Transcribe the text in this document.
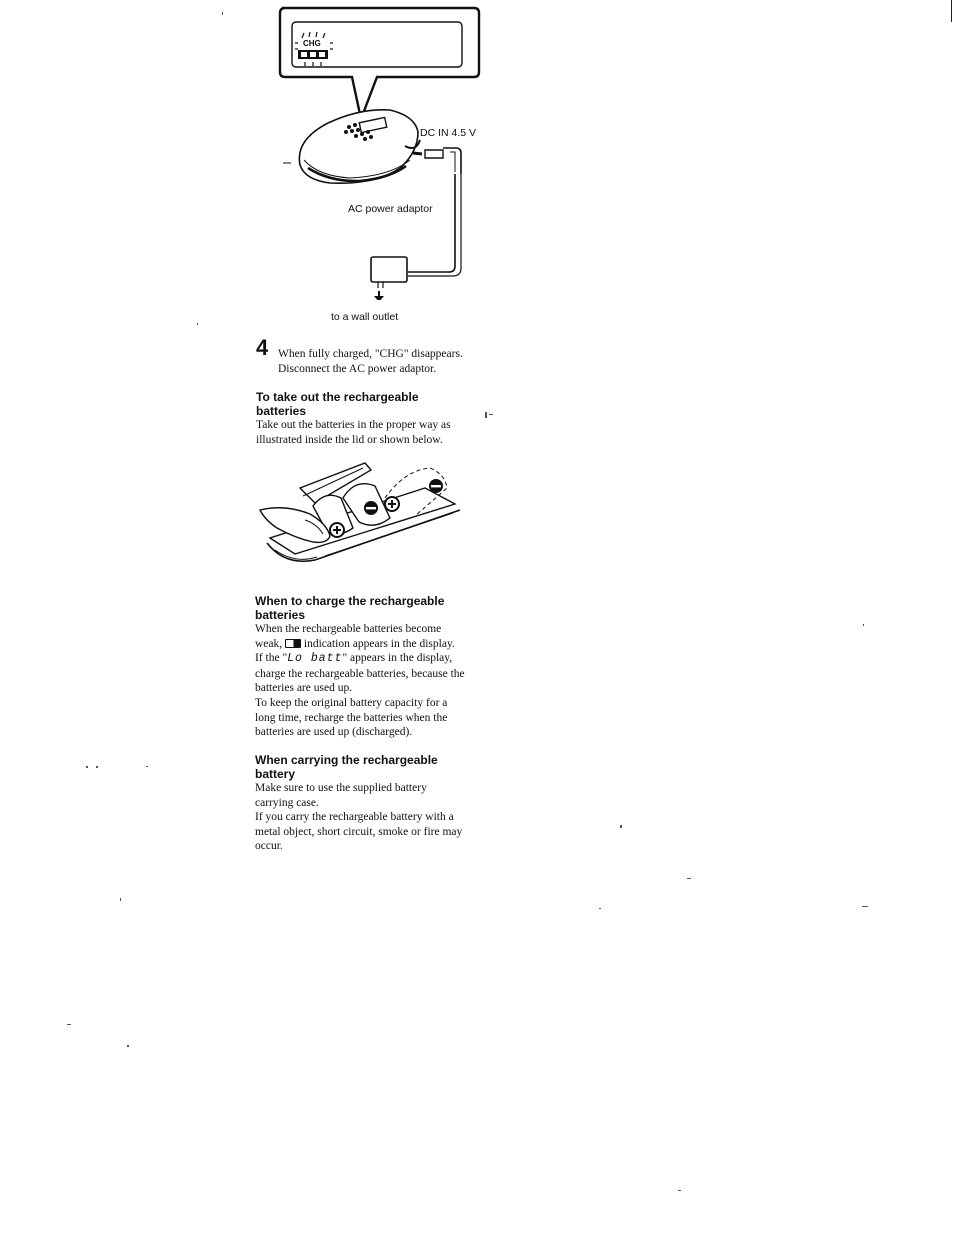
CHG
DC IN 4.5 V
AC power adaptor
to a wall outlet
4 When fully charged, "CHG" disappears.
Disconnect the AC power adaptor.
To take out the rechargeable
batteries
Take out the batteries in the proper way as
illustrated inside the lid or shown below.
When to charge the rechargeable
batteries
When the rechargeable batteries become
weak, indication appears in the display.
If the "Lo batt" appears in the display,
charge the rechargeable batteries, because the
batteries are used up.
To keep the original battery capacity for a
long time, recharge the batteries when the
batteries are used up (discharged).
When carrying the rechargeable
battery
Make sure to use the supplied battery
carrying case.
If you carry the rechargeable battery with a
metal object, short circuit, smoke or fire may
occur.
